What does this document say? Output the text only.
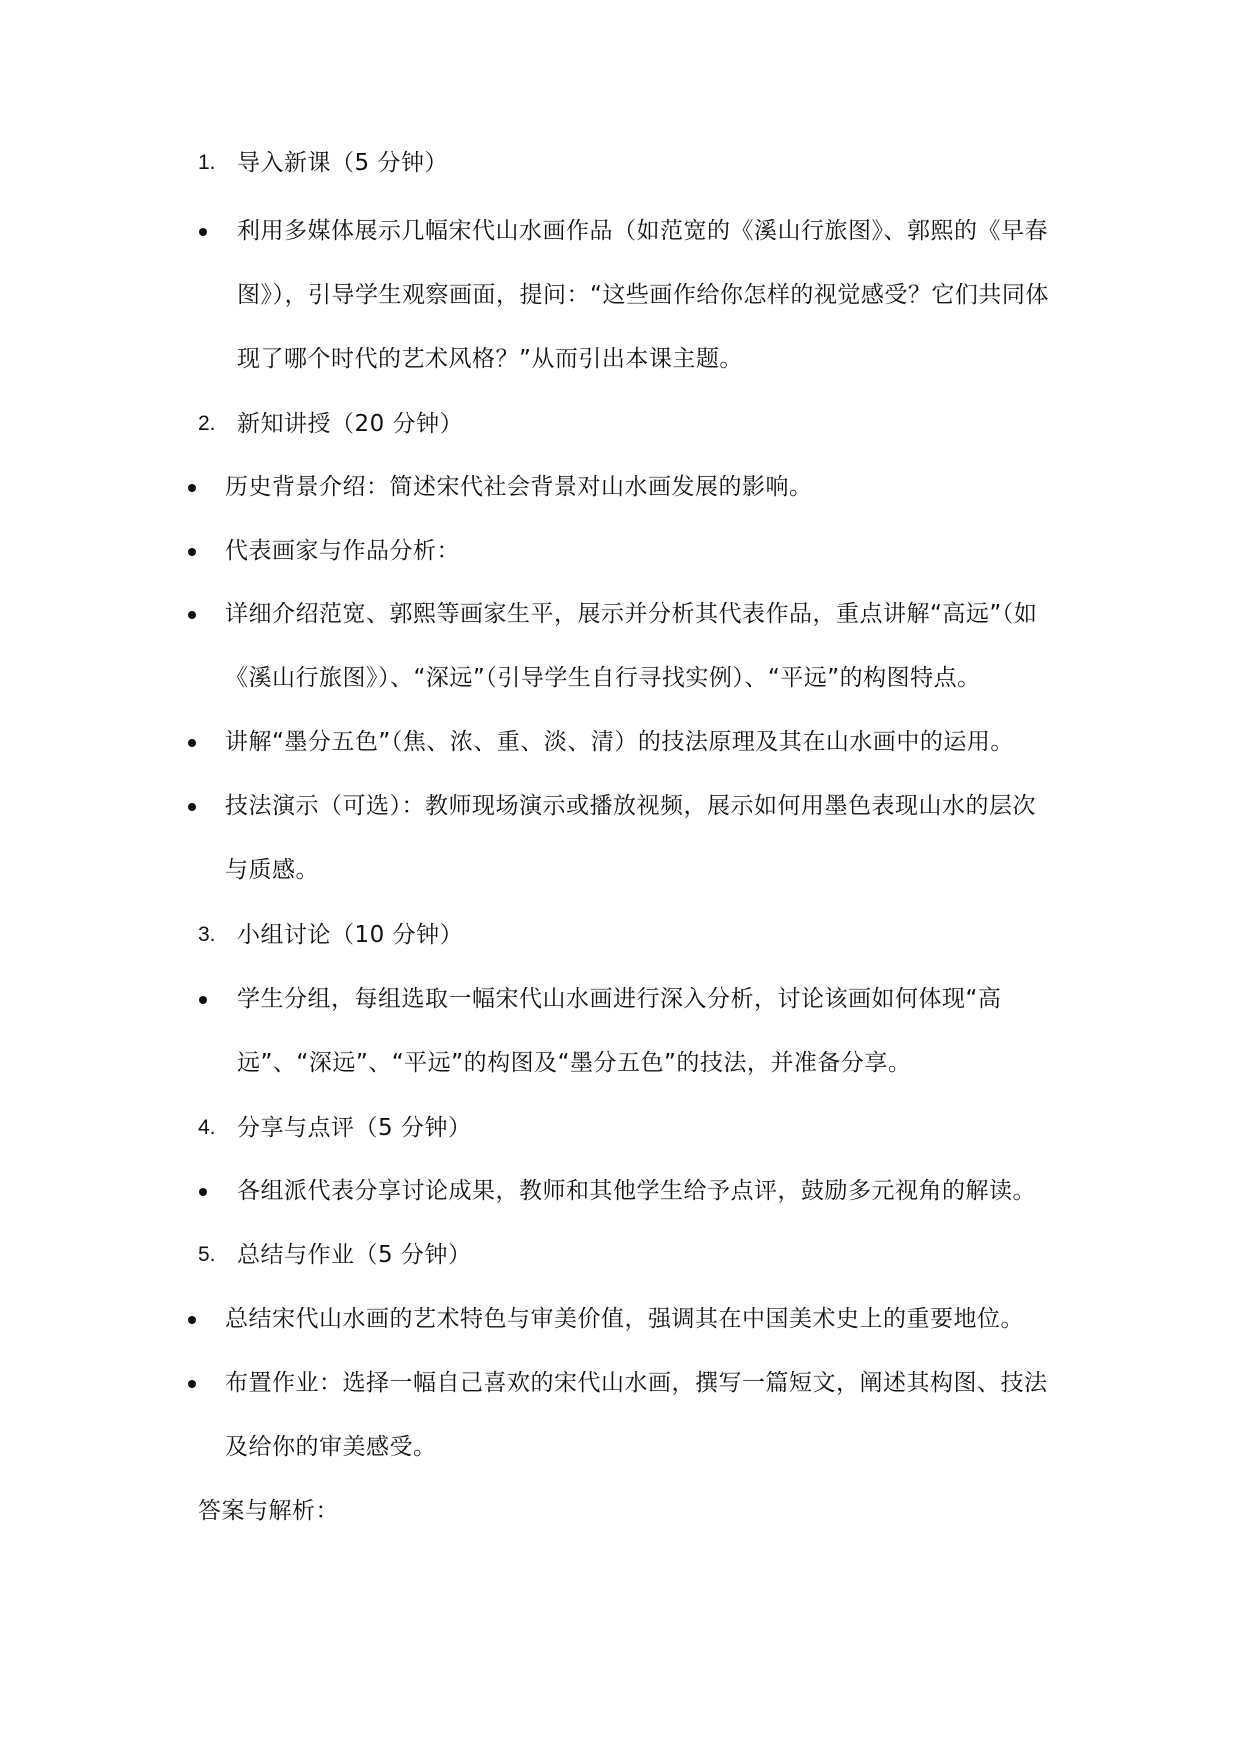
1. 导入新课（5 分钟）
利用多媒体展示几幅宋代山水画作品（如范宽的《溪山行旅图》、郭熙的《早春
图》），引导学生观察画面，提问：“这些画作给你怎样的视觉感受？它们共同体
现了哪个时代的艺术风格？”从而引出本课主题。
2. 新知讲授（20 分钟）
历史背景介绍：简述宋代社会背景对山水画发展的影响。
代表画家与作品分析：
详细介绍范宽、郭熙等画家生平，展示并分析其代表作品，重点讲解“高远”（如
《溪山行旅图》）、“深远”（引导学生自行寻找实例）、“平远”的构图特点。
讲解“墨分五色”（焦、浓、重、淡、清）的技法原理及其在山水画中的运用。
技法演示（可选）：教师现场演示或播放视频，展示如何用墨色表现山水的层次
与质感。
3. 小组讨论（10 分钟）
学生分组，每组选取一幅宋代山水画进行深入分析，讨论该画如何体现“高
远”、“深远”、“平远”的构图及“墨分五色”的技法，并准备分享。
4. 分享与点评（5 分钟）
各组派代表分享讨论成果，教师和其他学生给予点评，鼓励多元视角的解读。
5. 总结与作业（5 分钟）
总结宋代山水画的艺术特色与审美价值，强调其在中国美术史上的重要地位。
布置作业：选择一幅自己喜欢的宋代山水画，撰写一篇短文，阐述其构图、技法
及给你的审美感受。
答案与解析：
